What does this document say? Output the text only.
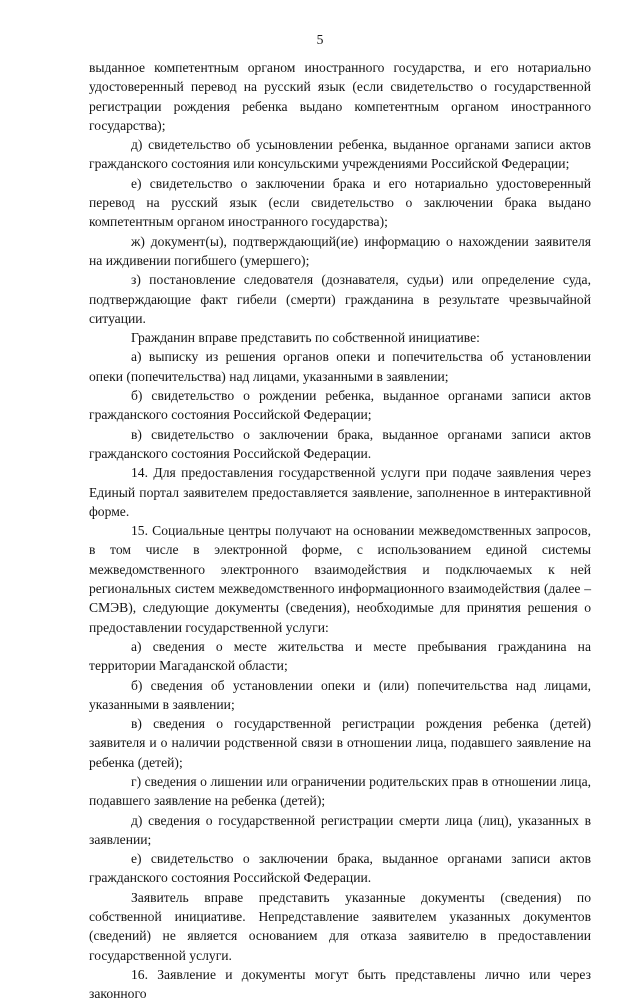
5

выданное компетентным органом иностранного государства, и его нотариально удостоверенный перевод на русский язык (если свидетельство о государственной регистрации рождения ребенка выдано компетентным органом иностранного государства);

д) свидетельство об усыновлении ребенка, выданное органами записи актов гражданского состояния или консульскими учреждениями Российской Федерации;

е) свидетельство о заключении брака и его нотариально удостоверенный перевод на русский язык (если свидетельство о заключении брака выдано компетентным органом иностранного государства);

ж) документ(ы), подтверждающий(ие) информацию о нахождении заявителя на иждивении погибшего (умершего);

з) постановление следователя (дознавателя, судьи) или определение суда, подтверждающие факт гибели (смерти) гражданина в результате чрезвычайной ситуации.

Гражданин вправе представить по собственной инициативе:

а) выписку из решения органов опеки и попечительства об установлении опеки (попечительства) над лицами, указанными в заявлении;

б) свидетельство о рождении ребенка, выданное органами записи актов гражданского состояния Российской Федерации;

в) свидетельство о заключении брака, выданное органами записи актов гражданского состояния Российской Федерации.

14. Для предоставления государственной услуги при подаче заявления через Единый портал заявителем предоставляется заявление, заполненное в интерактивной форме.

15. Социальные центры получают на основании межведомственных запросов, в том числе в электронной форме, с использованием единой системы межведомственного электронного взаимодействия и подключаемых к ней региональных систем межведомственного информационного взаимодействия (далее – СМЭВ), следующие документы (сведения), необходимые для принятия решения о предоставлении государственной услуги:

а) сведения о месте жительства и месте пребывания гражданина на территории Магаданской области;

б) сведения об установлении опеки и (или) попечительства над лицами, указанными в заявлении;

в) сведения о государственной регистрации рождения ребенка (детей) заявителя и о наличии родственной связи в отношении лица, подавшего заявление на ребенка (детей);

г) сведения о лишении или ограничении родительских прав в отношении лица, подавшего заявление на ребенка (детей);

д) сведения о государственной регистрации смерти лица (лиц), указанных в заявлении;

е) свидетельство о заключении брака, выданное органами записи актов гражданского состояния Российской Федерации.

Заявитель вправе представить указанные документы (сведения) по собственной инициативе. Непредставление заявителем указанных документов (сведений) не является основанием для отказа заявителю в предоставлении государственной услуги.

16. Заявление и документы могут быть представлены лично или через законного
